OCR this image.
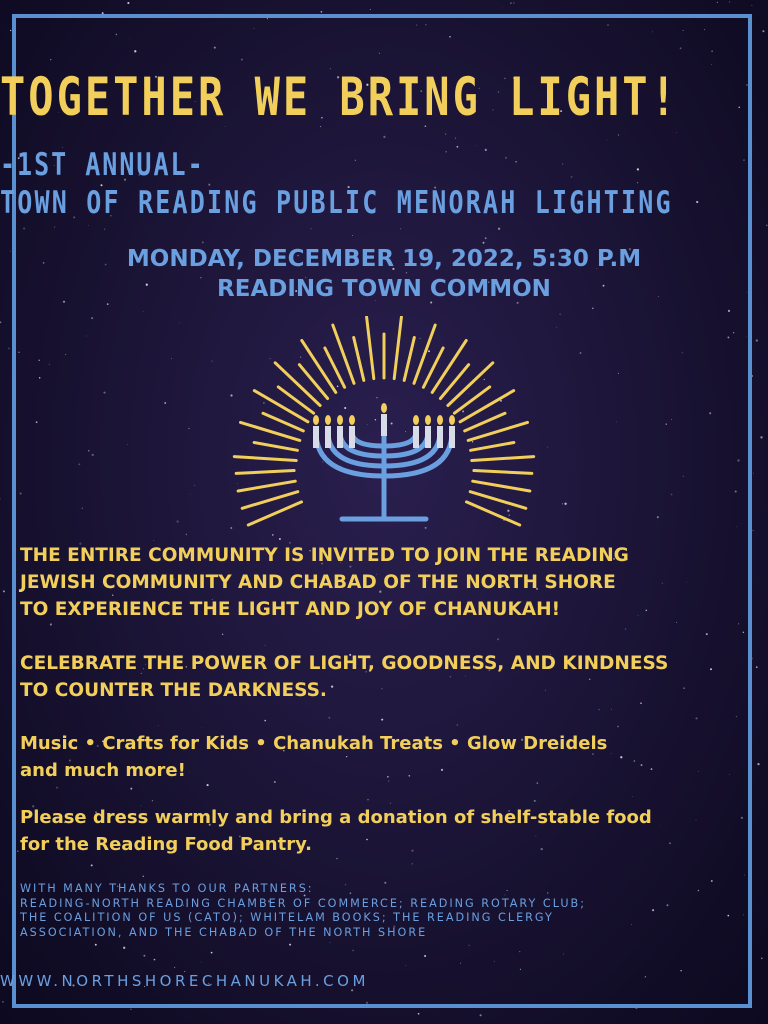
TOGETHER WE BRING LIGHT!
-1ST ANNUAL-
TOWN OF READING PUBLIC MENORAH LIGHTING
MONDAY, DECEMBER 19, 2022, 5:30 P.M
READING TOWN COMMON
THE ENTIRE COMMUNITY IS INVITED TO JOIN THE READING
JEWISH COMMUNITY AND CHABAD OF THE NORTH SHORE
TO EXPERIENCE THE LIGHT AND JOY OF CHANUKAH!
CELEBRATE THE POWER OF LIGHT, GOODNESS, AND KINDNESS
TO COUNTER THE DARKNESS.
Music • Crafts for Kids • Chanukah Treats • Glow Dreidels
and much more!
Please dress warmly and bring a donation of shelf-stable food
for the Reading Food Pantry.
WITH MANY THANKS TO OUR PARTNERS:
READING-NORTH READING CHAMBER OF COMMERCE; READING ROTARY CLUB;
THE COALITION OF US (CATO); WHITELAM BOOKS; THE READING CLERGY
ASSOCIATION, AND THE CHABAD OF THE NORTH SHORE
WWW.NORTHSHORECHANUKAH.COM
